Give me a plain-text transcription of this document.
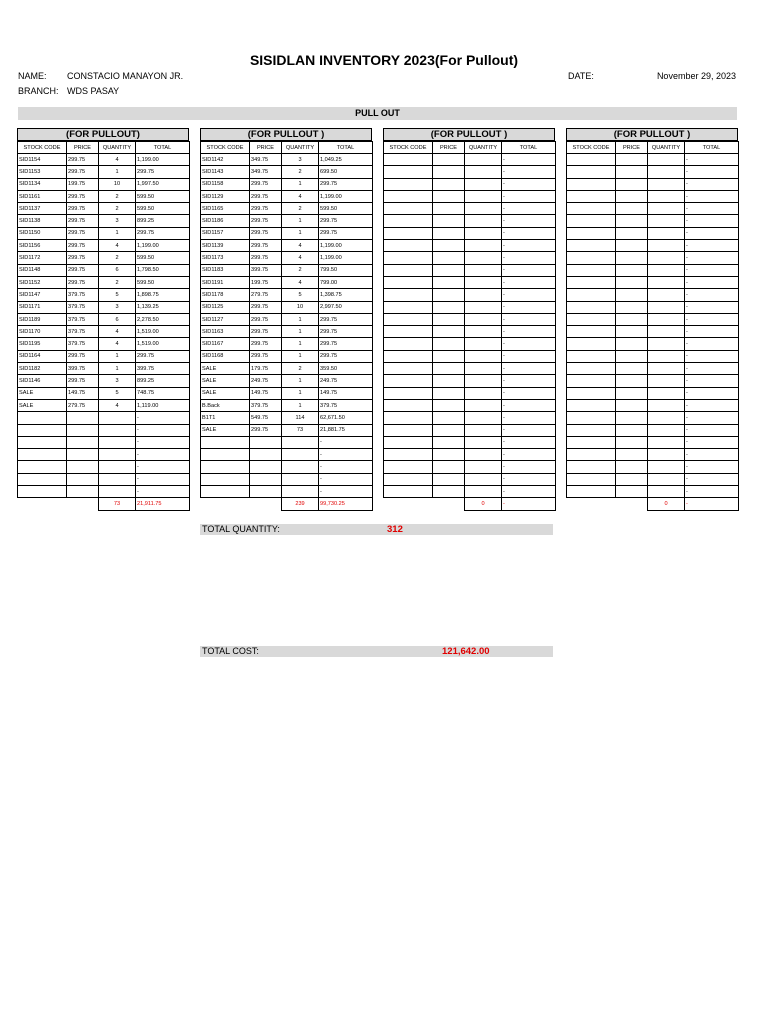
SISIDLAN INVENTORY 2023(For Pullout)
NAME: CONSTACIO MANAYON JR.
BRANCH: WDS PASAY
DATE:	November 29, 2023
PULL OUT
(FOR PULLOUT)
STOCK CODE	PRICE	QUANTITY	TOTAL
SID1154	299.75	4	1,199.00
SID1153	299.75	1	299.75
SID1134	199.75	10	1,997.50
SID1161	299.75	2	599.50
SID1137	299.75	2	599.50
SID1138	299.75	3	899.25
SID1150	299.75	1	299.75
SID1156	299.75	4	1,199.00
SID1172	299.75	2	599.50
SID1148	299.75	6	1,798.50
SID1152	299.75	2	599.50
SID1147	379.75	5	1,898.75
SID1171	379.75	3	1,139.25
SID1189	379.75	6	2,278.50
SID1170	379.75	4	1,519.00
SID1195	379.75	4	1,519.00
SID1164	299.75	1	299.75
SID1182	399.75	1	399.75
SID1146	299.75	3	899.25
SALE	149.75	5	748.75
SALE	279.75	4	1,119.00
			-
			-
			-
			-
			-
			-
			-
		73	21,911.75
(FOR PULLOUT )
STOCK CODE	PRICE	QUANTITY	TOTAL
SID1142	349.75	3	1,049.25
SID1143	349.75	2	699.50
SID1158	299.75	1	299.75
SID1129	299.75	4	1,199.00
SID1165	299.75	2	599.50
SID1186	299.75	1	299.75
SID1157	299.75	1	299.75
SID1139	299.75	4	1,199.00
SID1173	299.75	4	1,199.00
SID1183	399.75	2	799.50
SID1191	199.75	4	799.00
SID1178	279.75	5	1,398.75
SID1125	299.75	10	2,997.50
SID1127	299.75	1	299.75
SID1163	299.75	1	299.75
SID1167	299.75	1	299.75
SID1168	299.75	1	299.75
SALE	179.75	2	359.50
SALE	249.75	1	249.75
SALE	149.75	1	149.75
B.Back	379.75	1	379.75
B1T1	549.75	114	62,671.50
SALE	299.75	73	21,881.75
			-
			-
			-
			-
			-
		239	99,730.25
(FOR PULLOUT )
STOCK CODE	PRICE	QUANTITY	TOTAL
			-
			-
			-
			-
			-
			-
			-
			-
			-
			-
			-
			-
			-
			-
			-
			-
			-
			-
			-
			-
			-
			-
			-
			-
			-
			-
			-
			-
		0	-
(FOR PULLOUT )
STOCK CODE	PRICE	QUANTITY	TOTAL
			-
			-
			-
			-
			-
			-
			-
			-
			-
			-
			-
			-
			-
			-
			-
			-
			-
			-
			-
			-
			-
			-
			-
			-
			-
			-
			-
			-
		0	-
TOTAL QUANTITY:	312
TOTAL COST:	121,642.00
